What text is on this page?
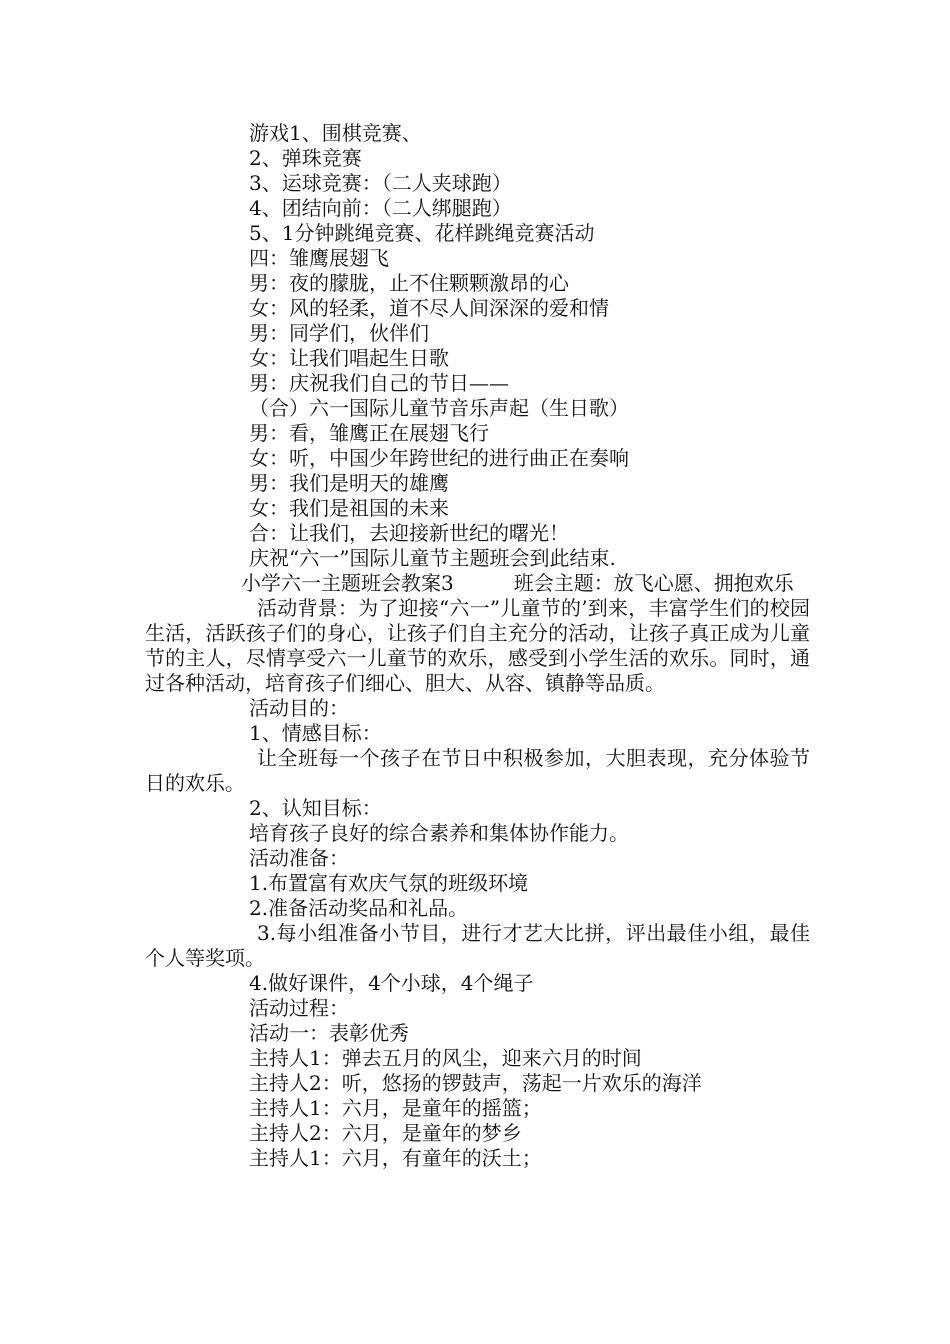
游戏1、围棋竞赛、

2、弹珠竞赛

3、运球竞赛：（二人夹球跑）

4、团结向前：（二人绑腿跑）

5、1分钟跳绳竞赛、花样跳绳竞赛活动

四：雏鹰展翅飞

男：夜的朦胧，止不住颗颗激昂的心

女：风的轻柔，道不尽人间深深的爱和情

男：同学们，伙伴们

女：让我们唱起生日歌

男：庆祝我们自己的节日——

（合）六一国际儿童节音乐声起（生日歌）

男：看，雏鹰正在展翅飞行

女：听，中国少年跨世纪的进行曲正在奏响

男：我们是明天的雄鹰

女：我们是祖国的未来

合：让我们，去迎接新世纪的曙光！

庆祝“六一”国际儿童节主题班会到此结束.

小学六一主题班会教案3　　　班会主题：放飞心愿、拥抱欢乐

活动背景：为了迎接“六一”儿童节的’到来，丰富学生们的校园生活，活跃孩子们的身心，让孩子们自主充分的活动，让孩子真正成为儿童节的主人，尽情享受六一儿童节的欢乐，感受到小学生活的欢乐。同时，通过各种活动，培育孩子们细心、胆大、从容、镇静等品质。

活动目的：

1、情感目标：

让全班每一个孩子在节日中积极参加，大胆表现，充分体验节日的欢乐。

2、认知目标：

培育孩子良好的综合素养和集体协作能力。

活动准备：

1.布置富有欢庆气氛的班级环境

2.准备活动奖品和礼品。

3.每小组准备小节目，进行才艺大比拼，评出最佳小组，最佳个人等奖项。

4.做好课件，4个小球，4个绳子

活动过程：

活动一：表彰优秀

主持人1：弹去五月的风尘，迎来六月的时间

主持人2：听，悠扬的锣鼓声，荡起一片欢乐的海洋

主持人1：六月，是童年的摇篮；

主持人2：六月，是童年的梦乡

主持人1：六月，有童年的沃土；
